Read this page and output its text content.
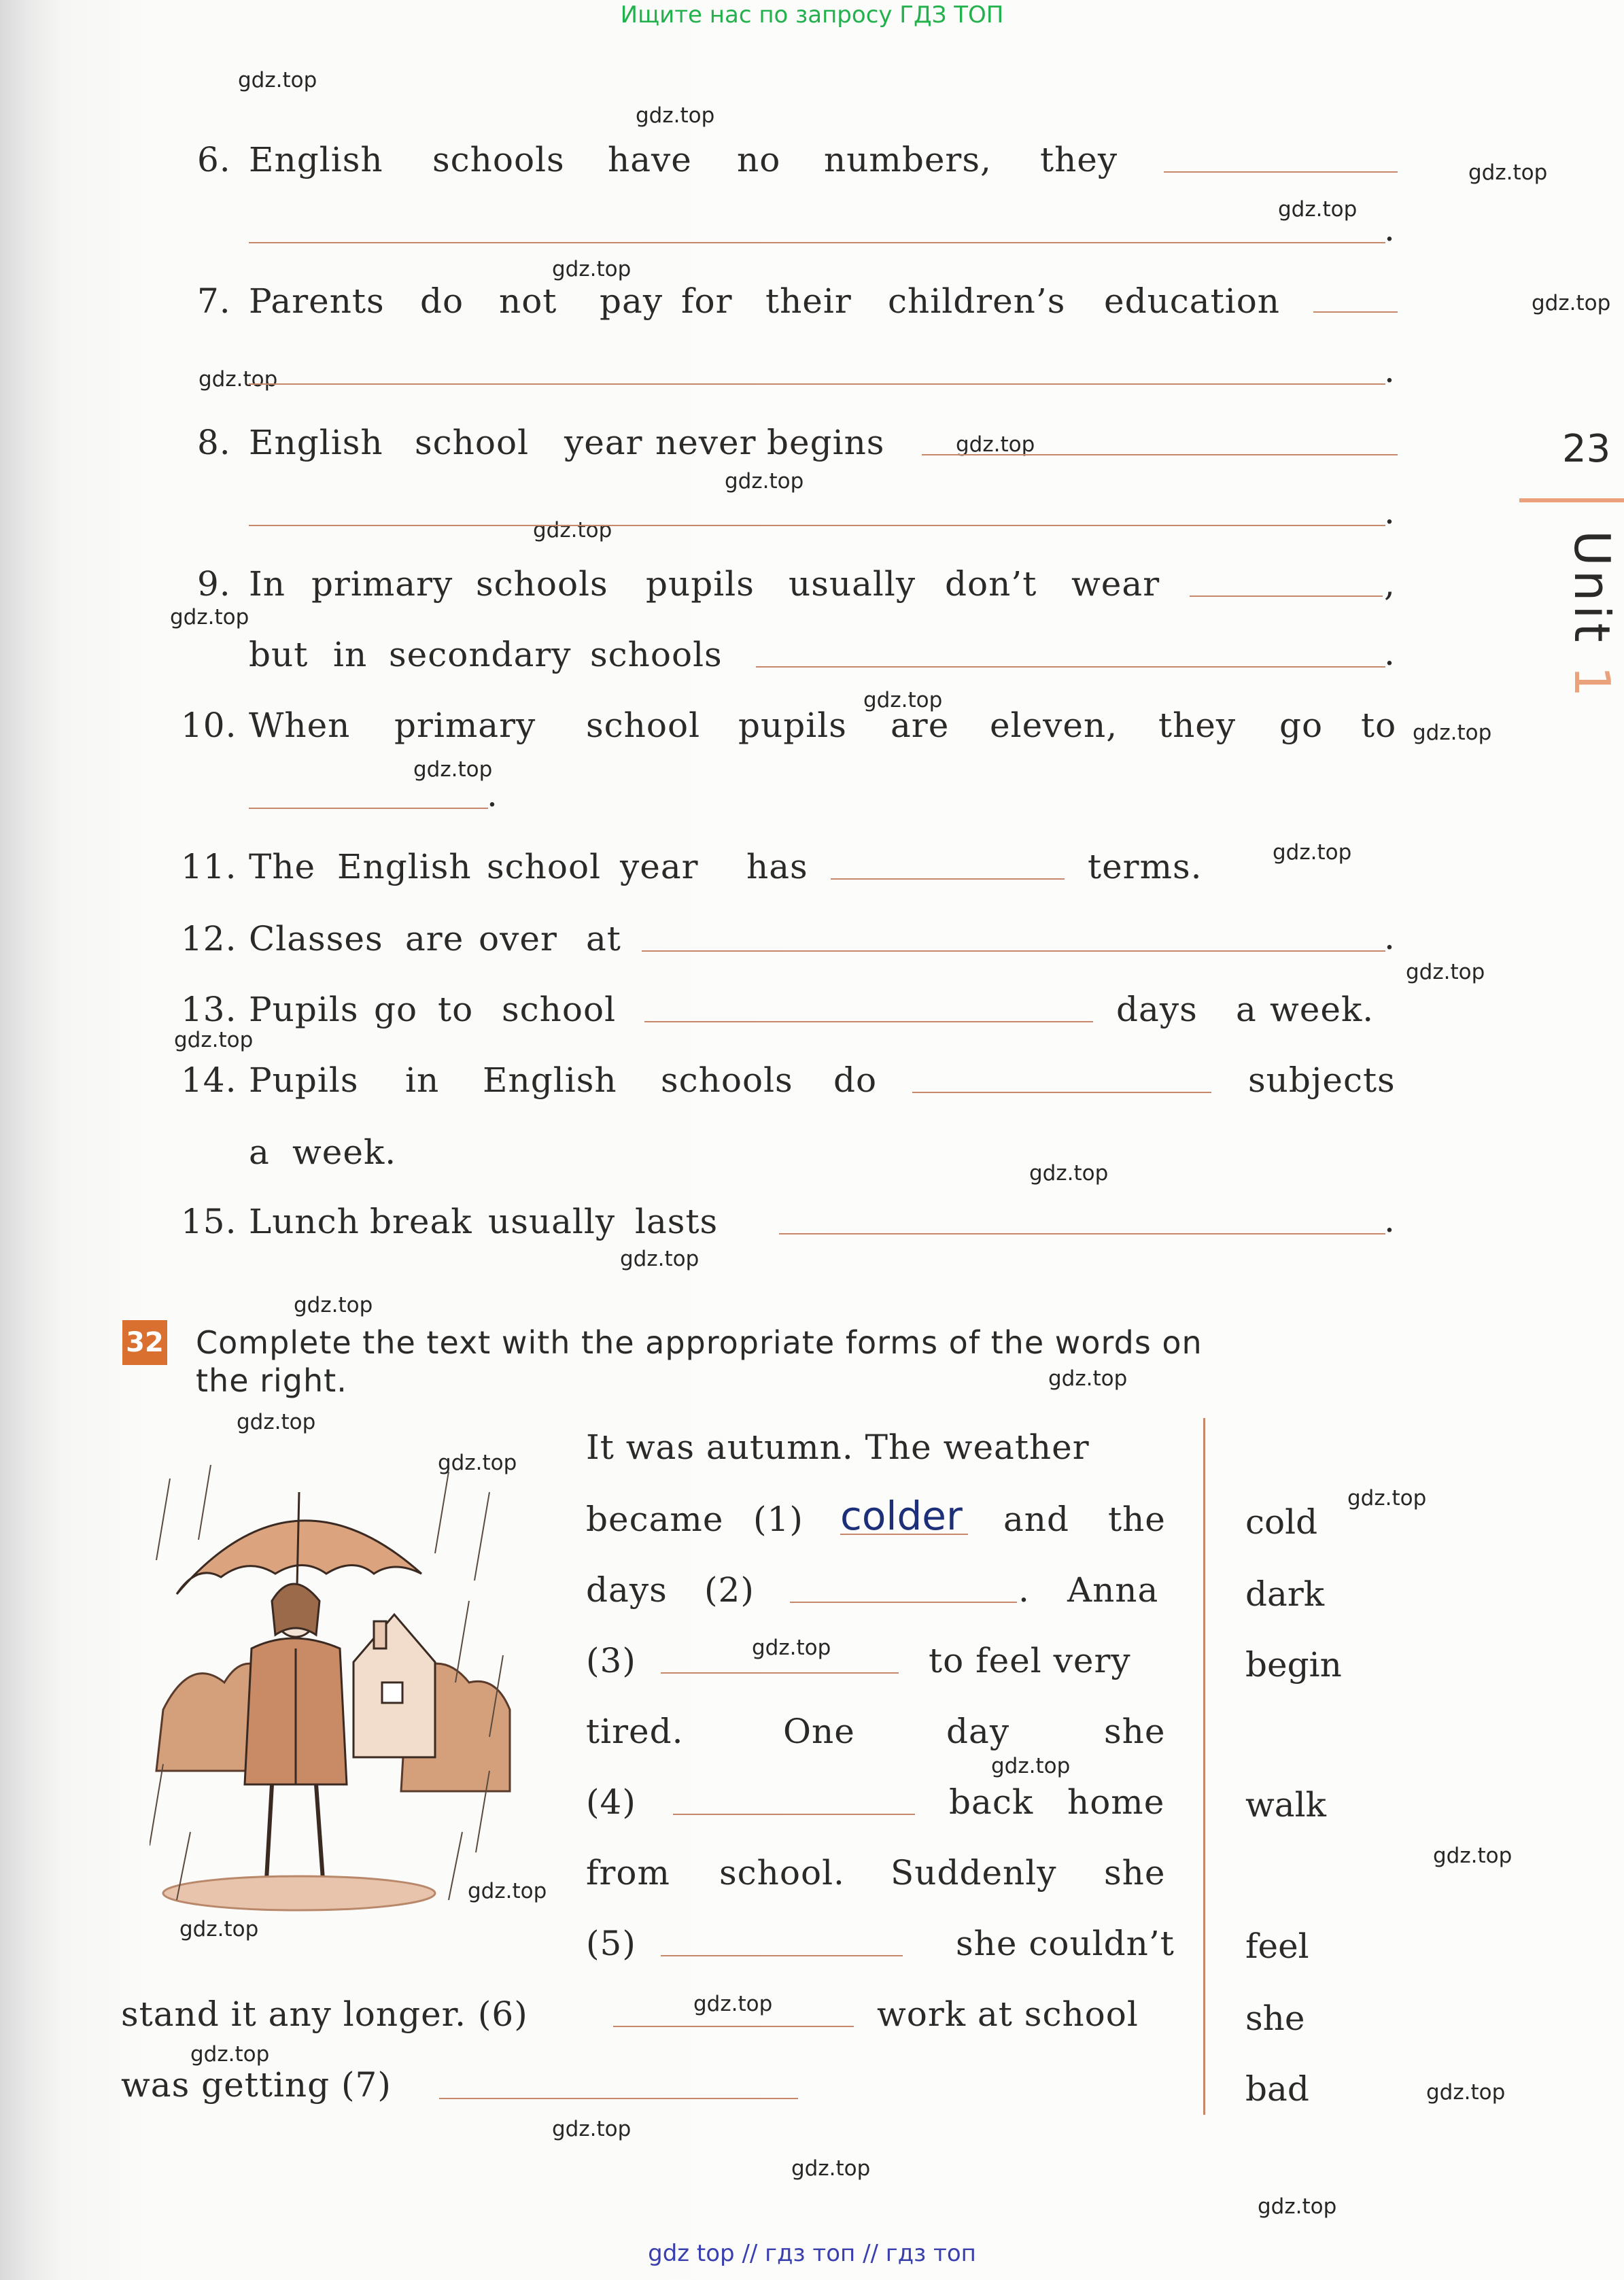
Ищите нас по запросу ГДЗ ТОП
gdz.top
gdz.top
gdz.top
gdz.top
gdz.top
gdz.top
gdz.top
gdz.top
gdz.top
gdz.top
gdz.top
gdz.top
gdz.top
gdz.top
gdz.top
gdz.top
gdz.top
gdz.top
gdz.top
gdz.top
gdz.top
gdz.top
gdz.top
gdz.top
gdz.top
gdz.top
gdz.top
gdz.top
gdz.top
gdz.top
gdz.top
gdz.top
gdz.top
gdz.top
gdz.top
23
Unit 1
6. English schools have no numbers, they
.
7. Parents do not pay for their children’s education
.
8. English school year never begins
.
9. In primary schools pupils usually don’t wear	,
but in secondary schools	.
10. When primary school pupils are eleven, they go to
.
11. The English school year has	terms.
12. Classes are over at	.
13. Pupils go to school	days a week.
14. Pupils in English schools do	subjects
a week.
15. Lunch break usually lasts	.
32 Complete the text with the appropriate forms of the words on
the right.
It was autumn. The weather
became (1) colder and the
days (2)	. Anna
(3)	to feel very
tired.	One	day	she
(4)	back home
from school. Suddenly she
(5)	she couldn’t
stand it any longer. (6)	work at school
was getting (7)
cold
dark
begin
walk
feel
she
bad
gdz top // гдз топ // гдз топ
